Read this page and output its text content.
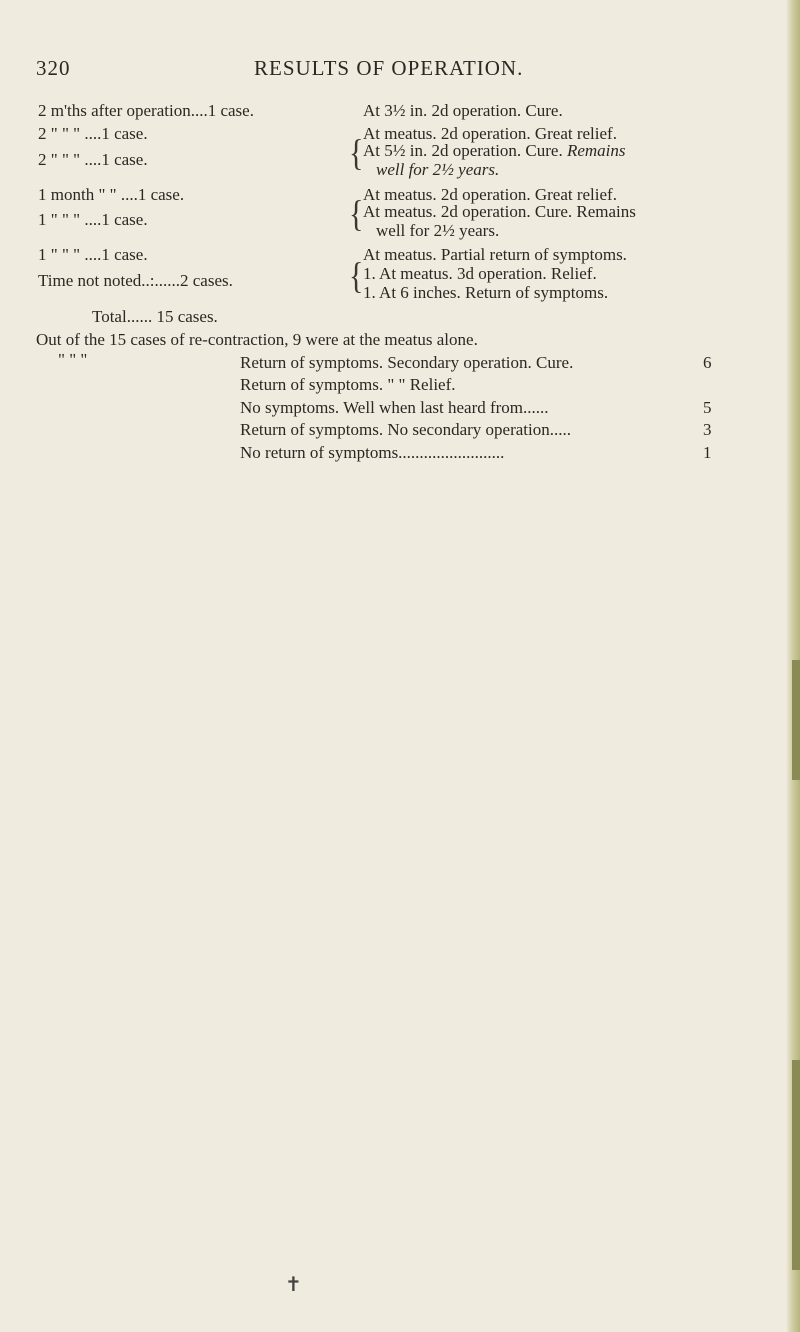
320	RESULTS OF OPERATION.
2 m'ths after operation....1 case.	At 3½ in. 2d operation. Cure.
2 " " " ....1 case.	At meatus. 2d operation. Great relief.
2 " " " ....1 case.	{ At 5½ in. 2d operation. Cure. Remains
well for 2½ years.
1 month " " ....1 case.	At meatus. 2d operation. Great relief.
1 " " " ....1 case.	{ At meatus. 2d operation. Cure. Remains
well for 2½ years.
1 " " " ....1 case.	At meatus. Partial return of symptoms.
Time not noted..:......2 cases.	{ 1. At meatus. 3d operation. Relief.
1. At 6 inches. Return of symptoms.
Total...... 15 cases.
Out of the 15 cases of re-contraction, 9 were at the meatus alone.
" " "	Return of symptoms. Secondary operation. Cure.	6
Return of symptoms. " " Relief.
No symptoms. Well when last heard from......	5
Return of symptoms. No secondary operation.....	3
No return of symptoms.........................	1
✝
